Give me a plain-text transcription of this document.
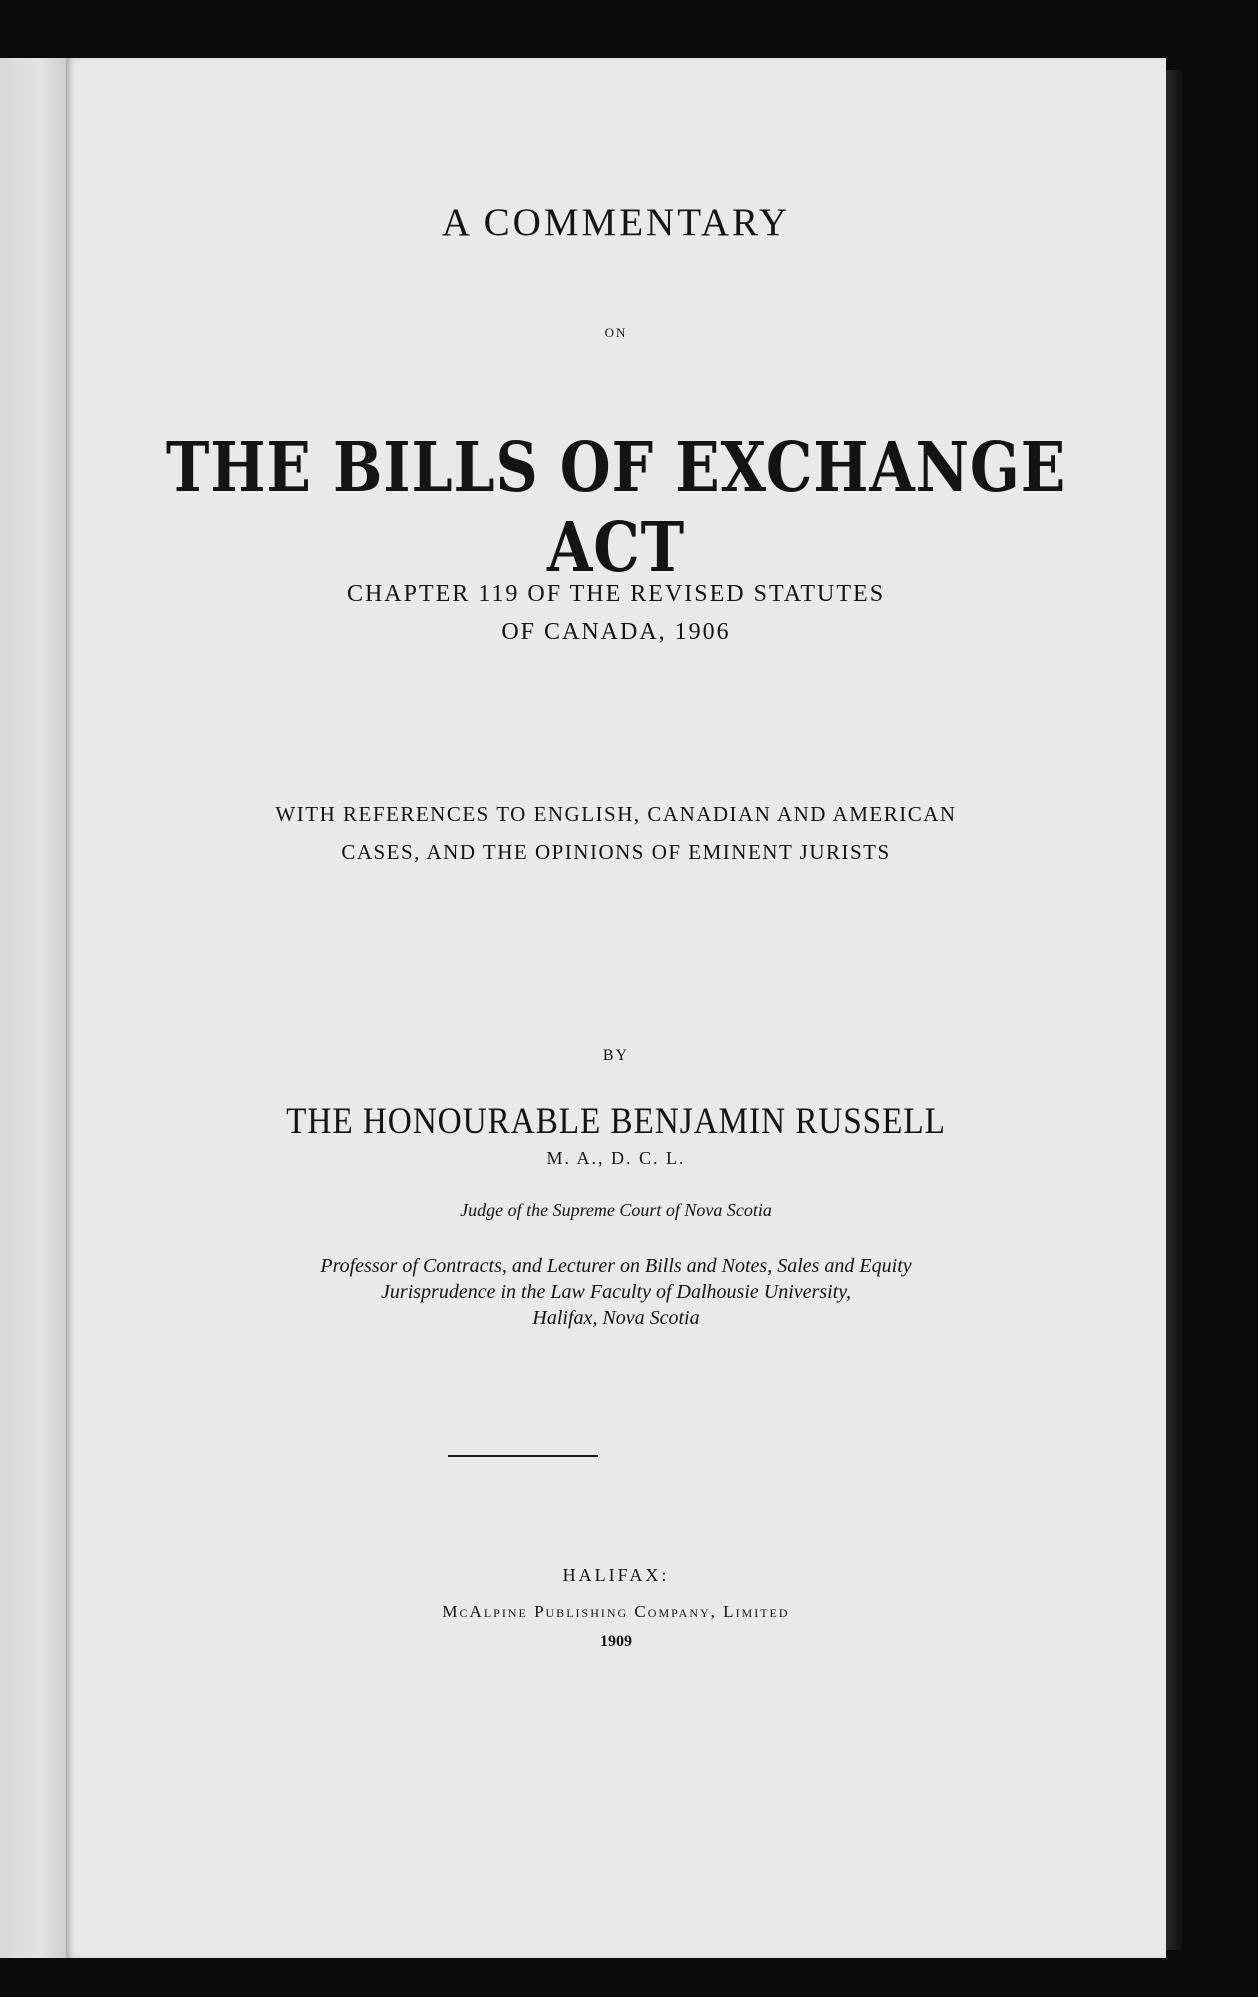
A COMMENTARY

ON

THE BILLS OF EXCHANGE ACT
CHAPTER 119 OF THE REVISED STATUTES
OF CANADA, 1906
WITH REFERENCES TO ENGLISH, CANADIAN AND AMERICAN
CASES, AND THE OPINIONS OF EMINENT JURISTS

BY

THE HONOURABLE BENJAMIN RUSSELL

M. A., D. C. L.

Judge of the Supreme Court of Nova Scotia

Professor of Contracts, and Lecturer on Bills and Notes, Sales and Equity
Jurisprudence in the Law Faculty of Dalhousie University,
Halifax, Nova Scotia

HALIFAX:

McAlpine Publishing Company, Limited

1909
